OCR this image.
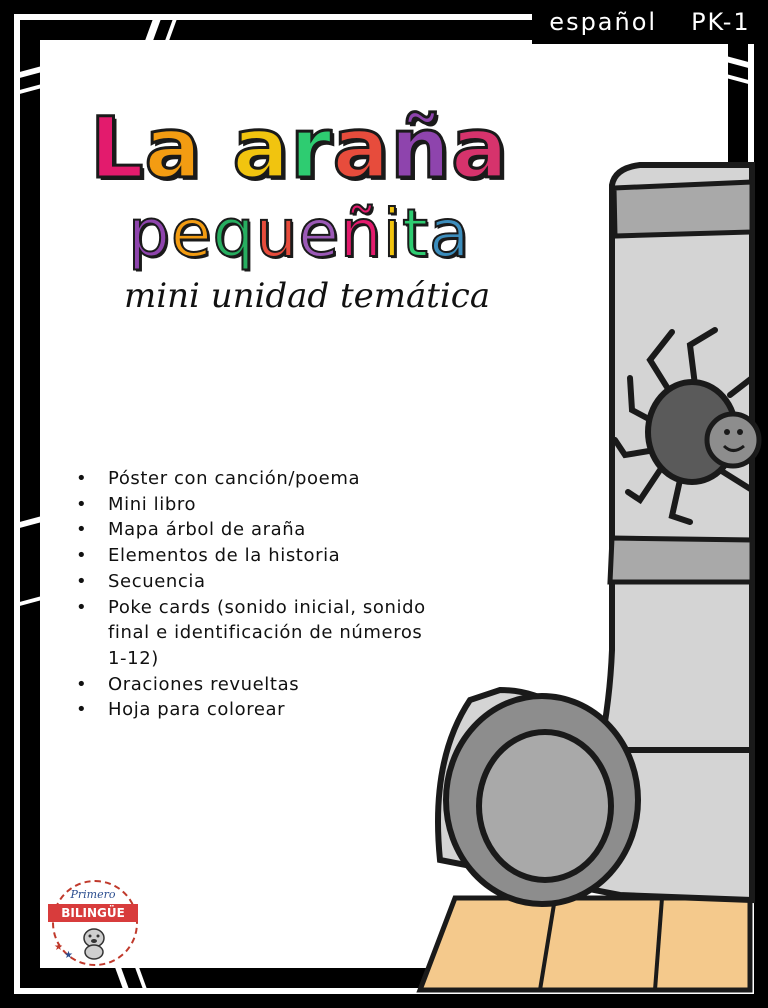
español PK-1
La araña
pequeñita
mini unidad temática
• Póster con canción/poema
• Mini libro
• Mapa árbol de araña
• Elementos de la historia
• Secuencia
• Poke cards (sonido inicial, sonido final e identificación de números 1-12)
• Oraciones revueltas
• Hoja para colorear
Primero
BILINGÜE
★
★
